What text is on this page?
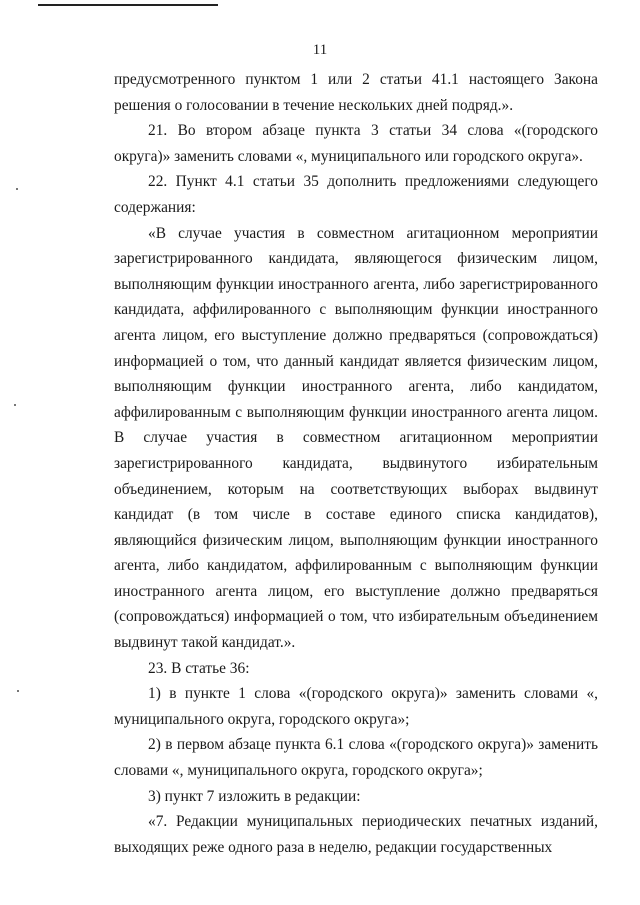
11

предусмотренного пунктом 1 или 2 статьи 41.1 настоящего Закона решения о голосовании в течение нескольких дней подряд.».

21. Во втором абзаце пункта 3 статьи 34 слова «(городского округа)» заменить словами «, муниципального или городского округа».

22. Пункт 4.1 статьи 35 дополнить предложениями следующего содержания:

«В случае участия в совместном агитационном мероприятии зарегистрированного кандидата, являющегося физическим лицом, выполняющим функции иностранного агента, либо зарегистрированного кандидата, аффилированного с выполняющим функции иностранного агента лицом, его выступление должно предваряться (сопровождаться) информацией о том, что данный кандидат является физическим лицом, выполняющим функции иностранного агента, либо кандидатом, аффилированным с выполняющим функции иностранного агента лицом. В случае участия в совместном агитационном мероприятии зарегистрированного кандидата, выдвинутого избирательным объединением, которым на соответствующих выборах выдвинут кандидат (в том числе в составе единого списка кандидатов), являющийся физическим лицом, выполняющим функции иностранного агента, либо кандидатом, аффилированным с выполняющим функции иностранного агента лицом, его выступление должно предваряться (сопровождаться) информацией о том, что избирательным объединением выдвинут такой кандидат.».

23. В статье 36:

1) в пункте 1 слова «(городского округа)» заменить словами «, муниципального округа, городского округа»;

2) в первом абзаце пункта 6.1 слова «(городского округа)» заменить словами «, муниципального округа, городского округа»;

3) пункт 7 изложить в редакции:

«7. Редакции муниципальных периодических печатных изданий, выходящих реже одного раза в неделю, редакции государственных
